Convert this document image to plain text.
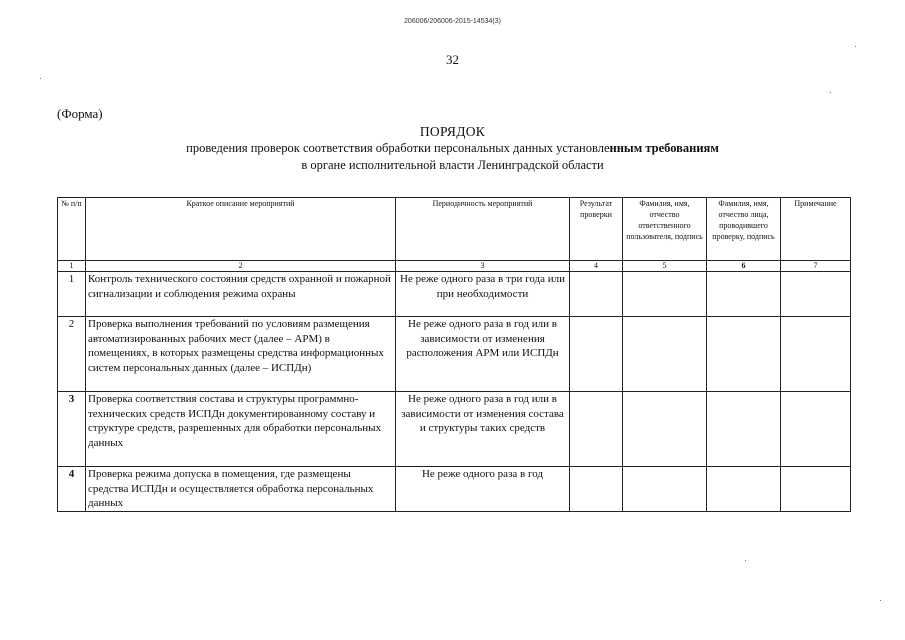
206006/206006-2015-14534(3)
32
(Форма)
ПОРЯДОК
проведения проверок соответствия обработки персональных данных установленным требованиям
в органе исполнительной власти Ленинградской области
№ п/п	Краткое описание мероприятий	Периодичность мероприятий	Результат проверки	Фамилия, имя, отчество ответственного пользователя, подпись	Фамилия, имя, отчество лица, проводившего проверку, подпись	Примечание
1	2	3	4	5	6	7
1	Контроль технического состояния средств охранной и пожарной сигнализации и соблюдения режима охраны	Не реже одного раза в три года или при необходимости				
2	Проверка выполнения требований по условиям размещения автоматизированных рабочих мест (далее – АРМ) в помещениях, в которых размещены средства информационных систем персональных данных (далее – ИСПДн)	Не реже одного раза в год или в зависимости от изменения расположения АРМ или ИСПДн				
3	Проверка соответствия состава и структуры программно-технических средств ИСПДн документированному составу и структуре средств, разрешенных для обработки персональных данных	Не реже одного раза в год или в зависимости от изменения состава и структуры таких средств				
4	Проверка режима допуска в помещения, где размещены средства ИСПДн и осуществляется обработка персональных данных	Не реже одного раза в год				
